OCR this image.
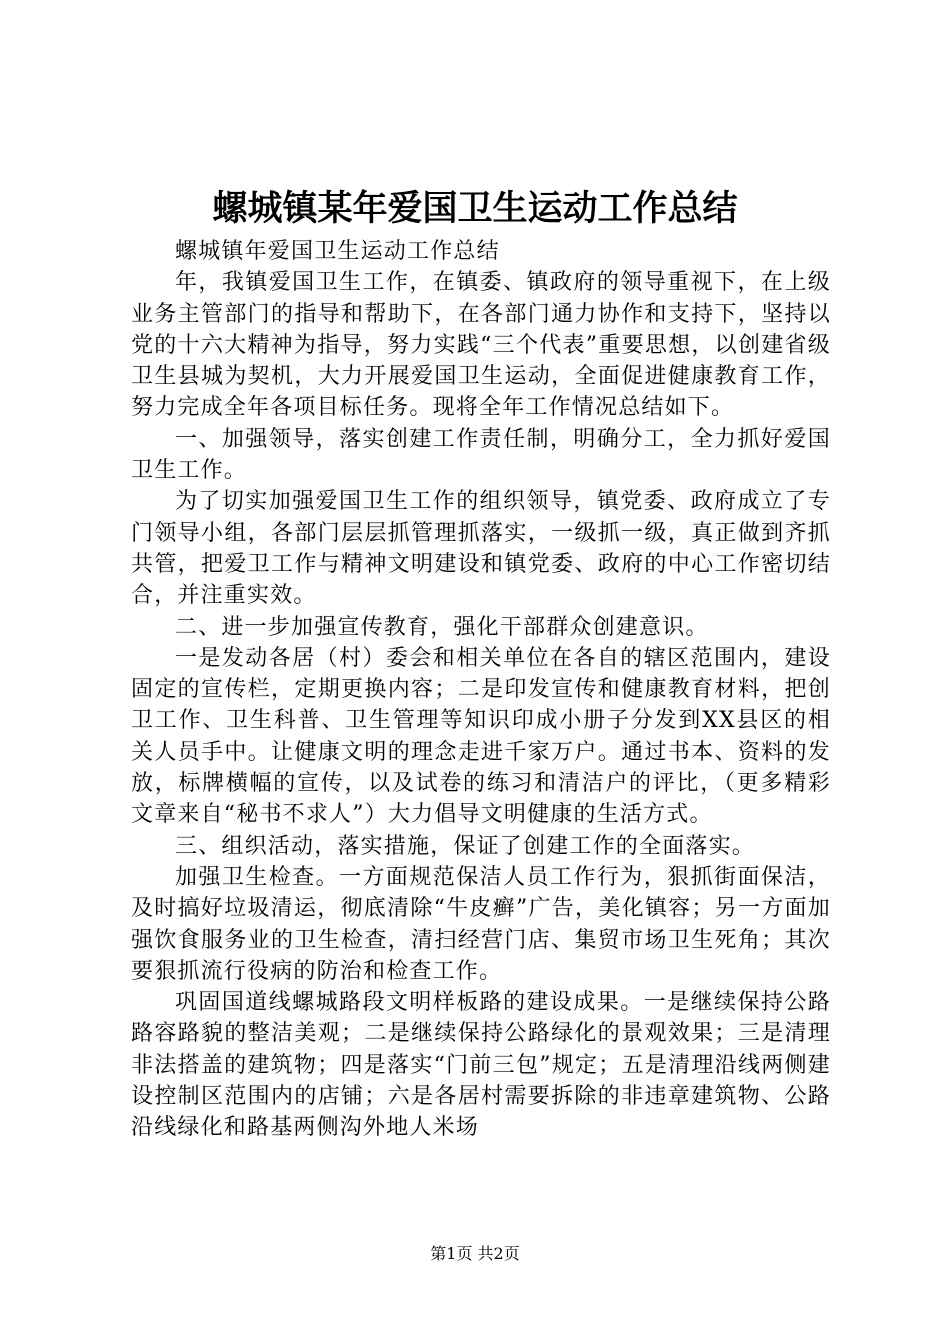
螺城镇某年爱国卫生运动工作总结

螺城镇年爱国卫生运动工作总结

年，我镇爱国卫生工作，在镇委、镇政府的领导重视下，在上级业务主管部门的指导和帮助下，在各部门通力协作和支持下，坚持以党的十六大精神为指导，努力实践“三个代表”重要思想，以创建省级卫生县城为契机，大力开展爱国卫生运动，全面促进健康教育工作，努力完成全年各项目标任务。现将全年工作情况总结如下。

一、加强领导，落实创建工作责任制，明确分工，全力抓好爱国卫生工作。

为了切实加强爱国卫生工作的组织领导，镇党委、政府成立了专门领导小组，各部门层层抓管理抓落实，一级抓一级，真正做到齐抓共管，把爱卫工作与精神文明建设和镇党委、政府的中心工作密切结合，并注重实效。

二、进一步加强宣传教育，强化干部群众创建意识。

一是发动各居（村）委会和相关单位在各自的辖区范围内，建设固定的宣传栏，定期更换内容；二是印发宣传和健康教育材料，把创卫工作、卫生科普、卫生管理等知识印成小册子分发到XX县区的相关人员手中。让健康文明的理念走进千家万户。通过书本、资料的发放，标牌横幅的宣传，以及试卷的练习和清洁户的评比，（更多精彩文章来自“秘书不求人”）大力倡导文明健康的生活方式。

三、组织活动，落实措施，保证了创建工作的全面落实。

加强卫生检查。一方面规范保洁人员工作行为，狠抓街面保洁，及时搞好垃圾清运，彻底清除“牛皮癣”广告，美化镇容；另一方面加强饮食服务业的卫生检查，清扫经营门店、集贸市场卫生死角；其次要狠抓流行役病的防治和检查工作。

巩固国道线螺城路段文明样板路的建设成果。一是继续保持公路路容路貌的整洁美观；二是继续保持公路绿化的景观效果；三是清理非法搭盖的建筑物；四是落实“门前三包”规定；五是清理沿线两侧建设控制区范围内的店铺；六是各居村需要拆除的非违章建筑物、公路沿线绿化和路基两侧沟外地人米场

第1页 共2页
